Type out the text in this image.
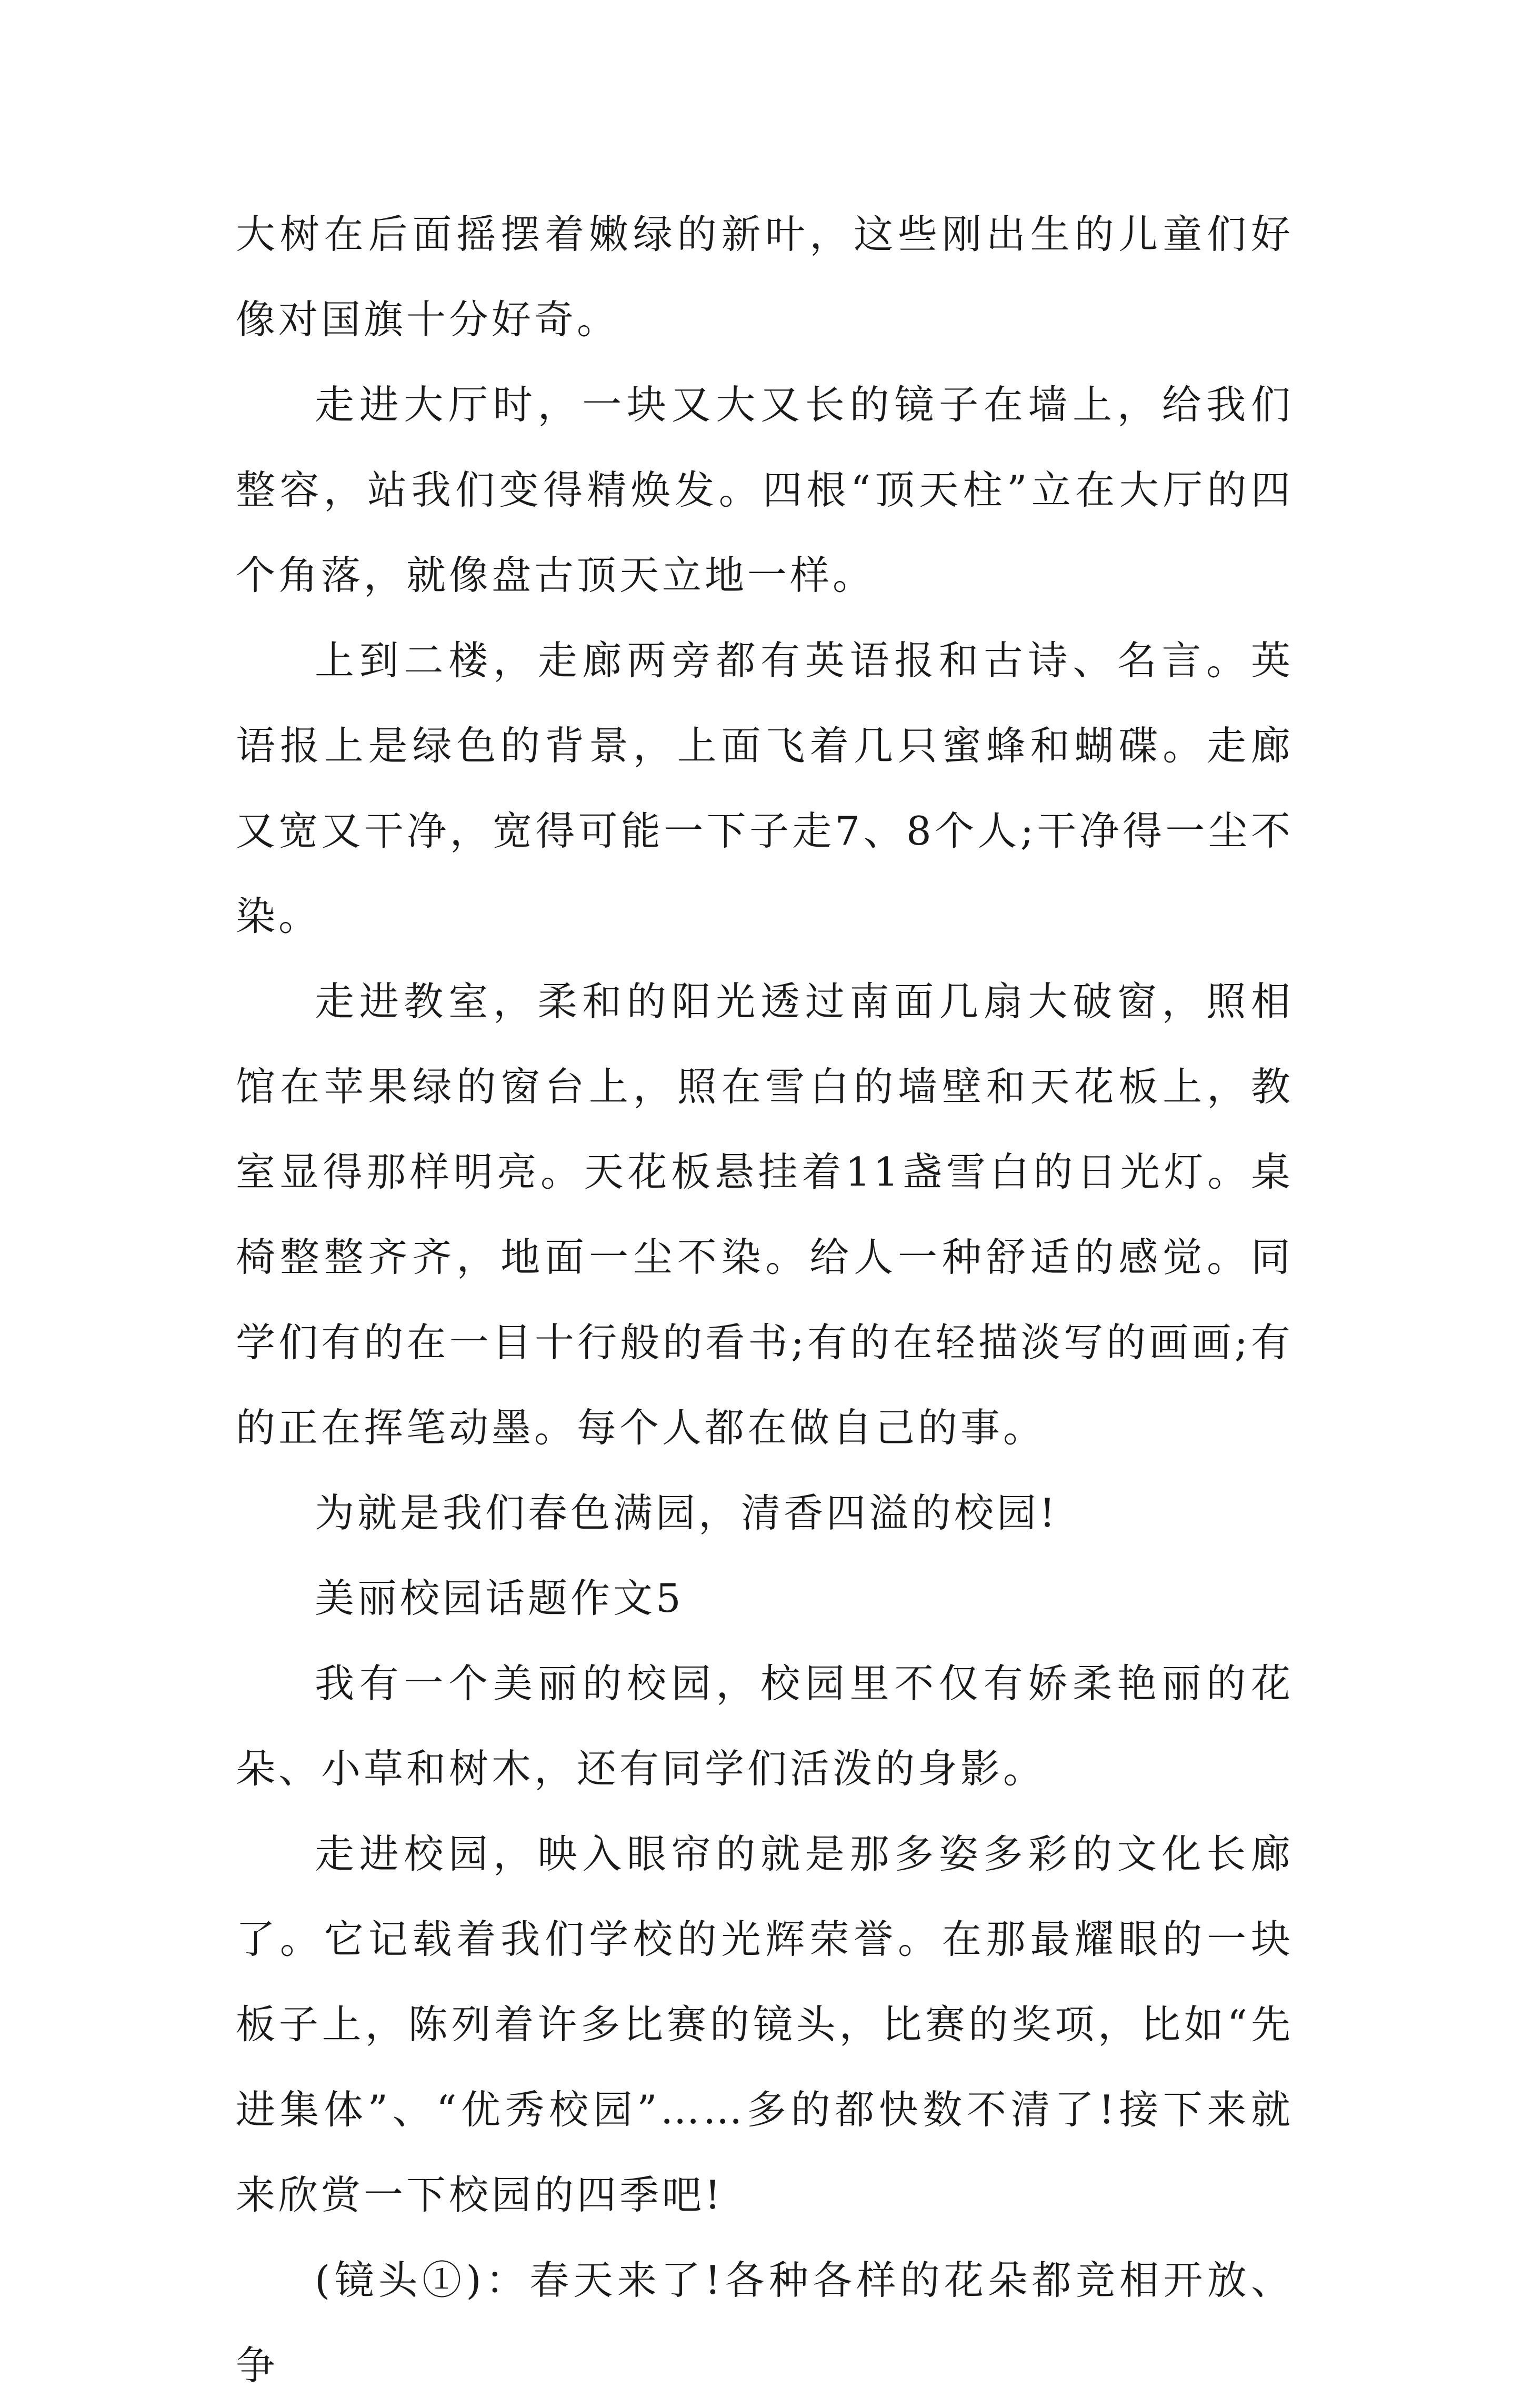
大树在后面摇摆着嫩绿的新叶，这些刚出生的儿童们好像对国旗十分好奇。

走进大厅时，一块又大又长的镜子在墙上，给我们整容，站我们变得精焕发。四根“顶天柱”立在大厅的四个角落，就像盘古顶天立地一样。

上到二楼，走廊两旁都有英语报和古诗、名言。英语报上是绿色的背景，上面飞着几只蜜蜂和蝴碟。走廊又宽又干净，宽得可能一下子走7、8个人;干净得一尘不染。

走进教室，柔和的阳光透过南面几扇大破窗，照相馆在苹果绿的窗台上，照在雪白的墙壁和天花板上，教室显得那样明亮。天花板悬挂着11盏雪白的日光灯。桌椅整整齐齐，地面一尘不染。给人一种舒适的感觉。同学们有的在一目十行般的看书;有的在轻描淡写的画画;有的正在挥笔动墨。每个人都在做自己的事。

为就是我们春色满园，清香四溢的校园!

美丽校园话题作文5

我有一个美丽的校园，校园里不仅有娇柔艳丽的花朵、小草和树木，还有同学们活泼的身影。

走进校园，映入眼帘的就是那多姿多彩的文化长廊了。它记载着我们学校的光辉荣誉。在那最耀眼的一块板子上，陈列着许多比赛的镜头，比赛的奖项，比如“先进集体”、“优秀校园”……多的都快数不清了!接下来就来欣赏一下校园的四季吧!

(镜头①)：春天来了!各种各样的花朵都竞相开放、争
